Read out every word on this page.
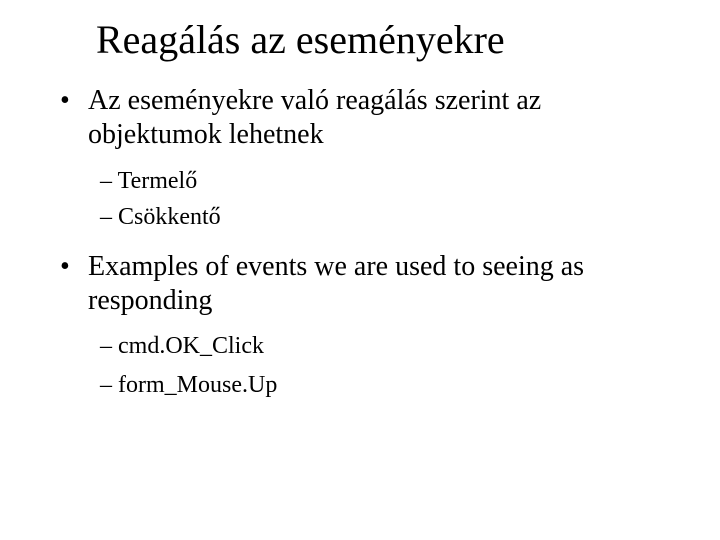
Reagálás az eseményekre
• Az eseményekre való reagálás szerint az objektumok lehetnek
– Termelő
– Csökkentő
• Examples of events we are used to seeing as responding
– cmd.OK_Click
– form_Mouse.Up
